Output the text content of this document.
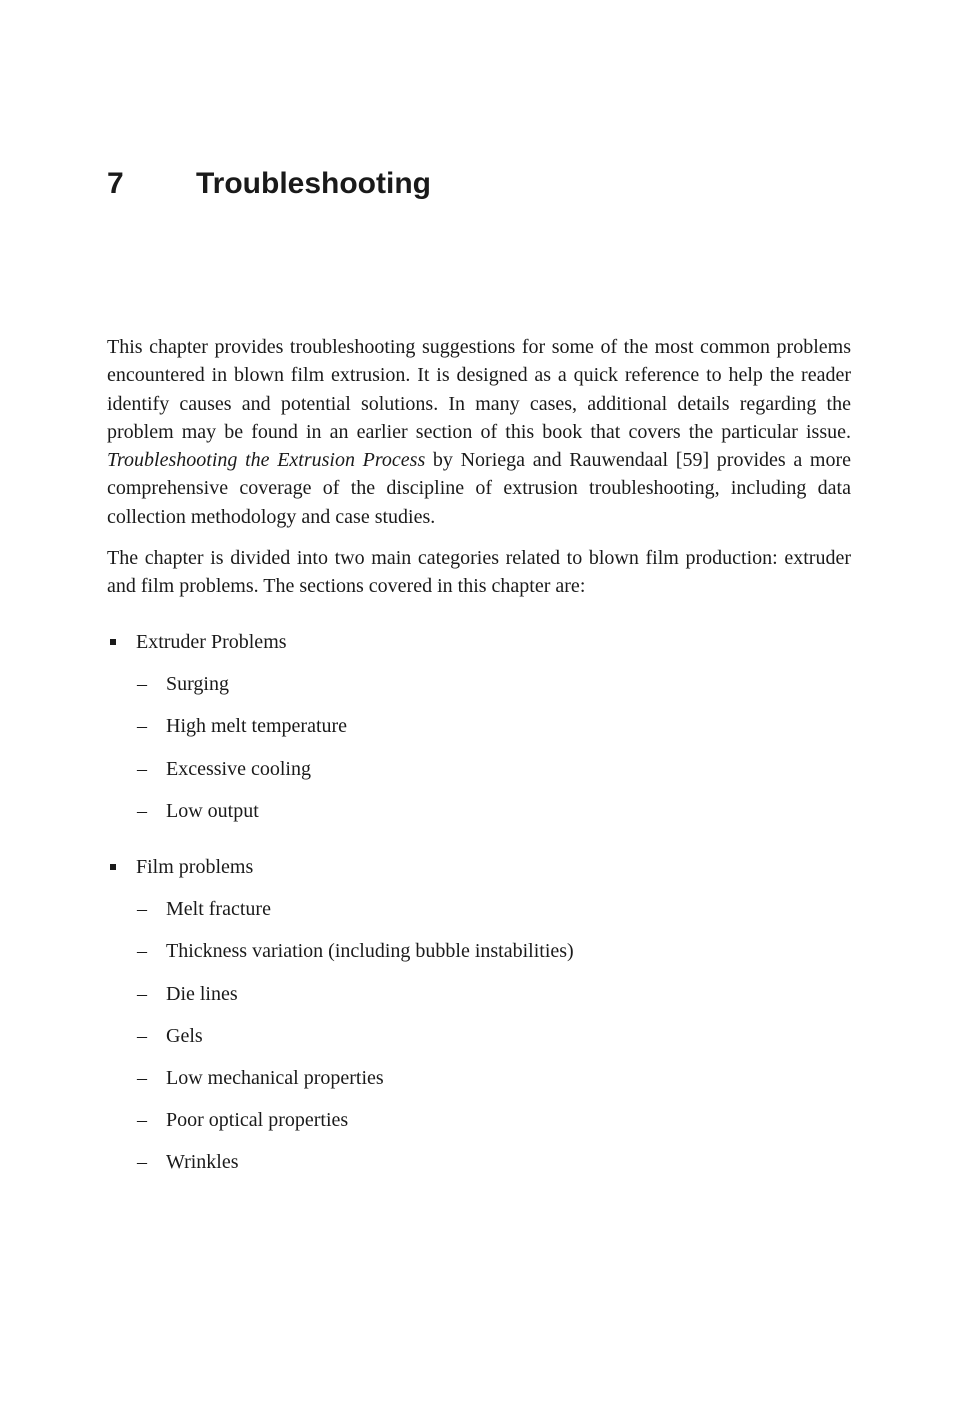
7 Troubleshooting

This chapter provides troubleshooting suggestions for some of the most common problems encountered in blown film extrusion. It is designed as a quick reference to help the reader identify causes and potential solutions. In many cases, additional details regarding the problem may be found in an earlier section of this book that covers the particular issue. Troubleshooting the Extrusion Process by Noriega and Rauwendaal [59] provides a more comprehensive coverage of the discipline of extrusion troubleshooting, including data collection methodology and case studies.

The chapter is divided into two main categories related to blown film production: extruder and film problems. The sections covered in this chapter are:

Extruder Problems
– Surging
– High melt temperature
– Excessive cooling
– Low output
Film problems
– Melt fracture
– Thickness variation (including bubble instabilities)
– Die lines
– Gels
– Low mechanical properties
– Poor optical properties
– Wrinkles
